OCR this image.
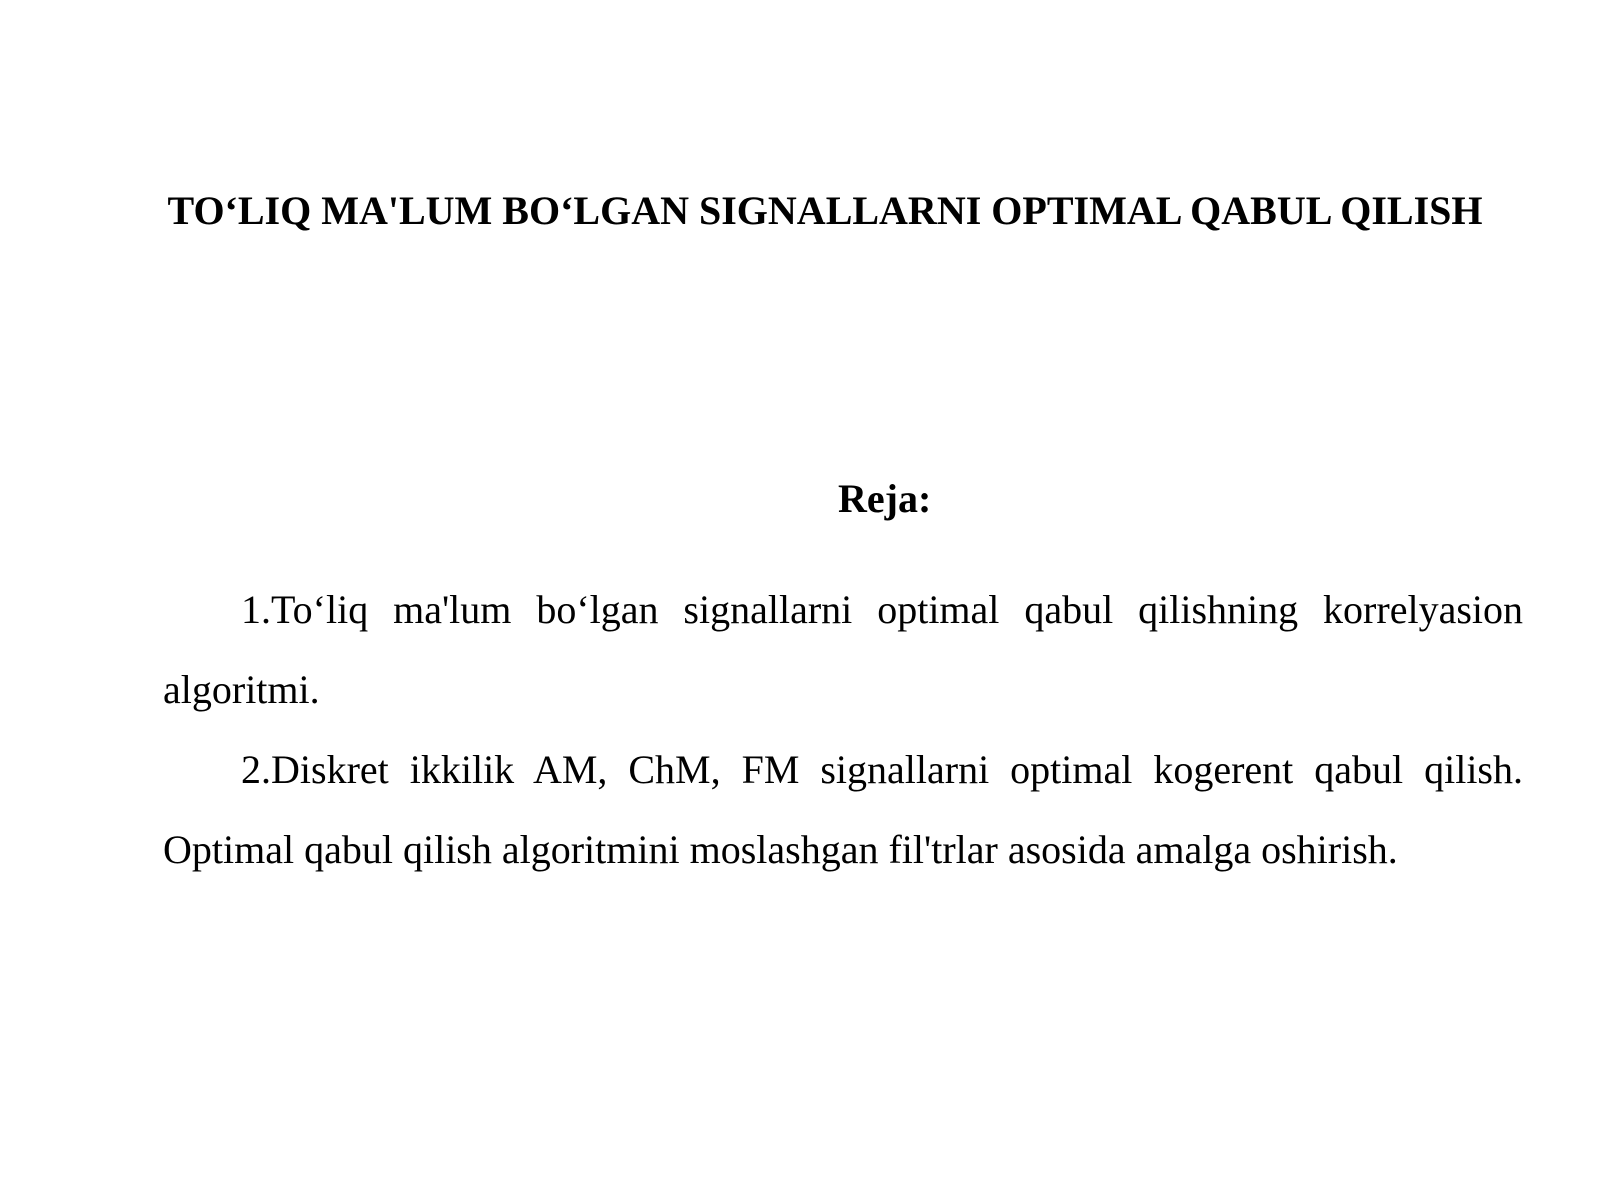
TO‘LIQ MA'LUM BO‘LGAN SIGNALLARNI OPTIMAL QABUL QILISH
Reja:
1.To‘liq ma'lum bo‘lgan signallarni optimal qabul qilishning korrelyasion algoritmi.
2.Diskret ikkilik AM, ChM, FM signallarni optimal kogerent qabul qilish. Optimal qabul qilish algoritmini moslashgan fil'trlar asosida amalga oshirish.
